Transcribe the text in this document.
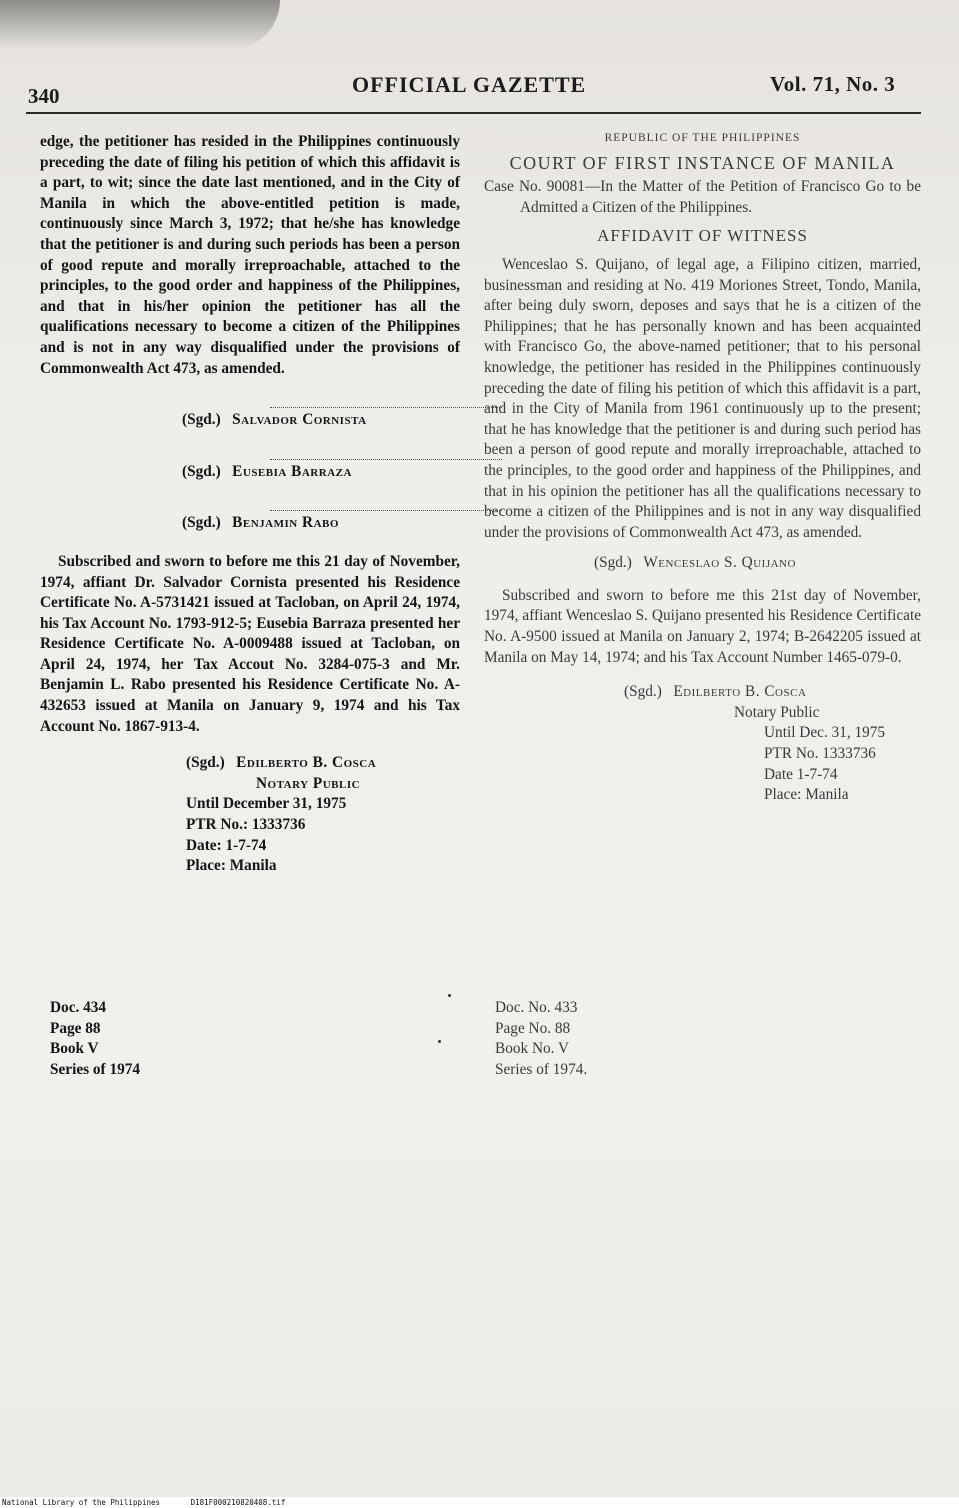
340	OFFICIAL GAZETTE	Vol. 71, No. 3

edge, the petitioner has resided in the Philippines continuously preceding the date of filing his petition of which this affidavit is a part, to wit; since the date last mentioned, and in the City of Manila in which the above-entitled petition is made, continuously since March 3, 1972; that he/she has knowledge that the petitioner is and during such periods has been a person of good repute and morally irreproachable, attached to the principles, to the good order and happiness of the Philippines, and that in his/her opinion the petitioner has all the qualifications necessary to become a citizen of the Philippines and is not in any way disqualified under the provisions of Commonwealth Act 473, as amended.

(Sgd.) Salvador Cornista
(Sgd.) Eusebia Barraza
(Sgd.) Benjamin Rabo

Subscribed and sworn to before me this 21 day of November, 1974, affiant Dr. Salvador Cornista presented his Residence Certificate No. A-5731421 issued at Tacloban, on April 24, 1974, his Tax Account No. 1793-912-5; Eusebia Barraza presented her Residence Certificate No. A-0009488 issued at Tacloban, on April 24, 1974, her Tax Accout No. 3284-075-3 and Mr. Benjamin L. Rabo presented his Residence Certificate No. A-432653 issued at Manila on January 9, 1974 and his Tax Account No. 1867-913-4.

(Sgd.) Edilberto B. Cosca
Notary Public
Until December 31, 1975
PTR No.: 1333736
Date: 1-7-74
Place: Manila
Doc. 434
Page 88
Book V
Series of 1974

REPUBLIC OF THE PHILIPPINES

COURT OF FIRST INSTANCE OF MANILA

Case No. 90081—In the Matter of the Petition of Francisco Go to be Admitted a Citizen of the Philippines.

AFFIDAVIT OF WITNESS

Wenceslao S. Quijano, of legal age, a Filipino citizen, married, businessman and residing at No. 419 Moriones Street, Tondo, Manila, after being duly sworn, deposes and says that he is a citizen of the Philippines; that he has personally known and has been acquainted with Francisco Go, the above-named petitioner; that to his personal knowledge, the petitioner has resided in the Philippines continuously preceding the date of filing his petition of which this affidavit is a part, and in the City of Manila from 1961 continuously up to the present; that he has knowledge that the petitioner is and during such period has been a person of good repute and morally irreproachable, attached to the principles, to the good order and happiness of the Philippines, and that in his opinion the petitioner has all the qualifications necessary to become a citizen of the Philippines and is not in any way disqualified under the provisions of Commonwealth Act 473, as amended.

(Sgd.) Wenceslao S. Quijano

Subscribed and sworn to before me this 21st day of November, 1974, affiant Wenceslao S. Quijano presented his Residence Certificate No. A-9500 issued at Manila on January 2, 1974; B-2642205 issued at Manila on May 14, 1974; and his Tax Account Number 1465-079-0.

(Sgd.) Edilberto B. Cosca
Notary Public
Until Dec. 31, 1975
PTR No. 1333736
Date 1-7-74
Place: Manila
Doc. No. 433
Page No. 88
Book No. V
Series of 1974.
National Library of the Philippines	D181F000210820408.tif
